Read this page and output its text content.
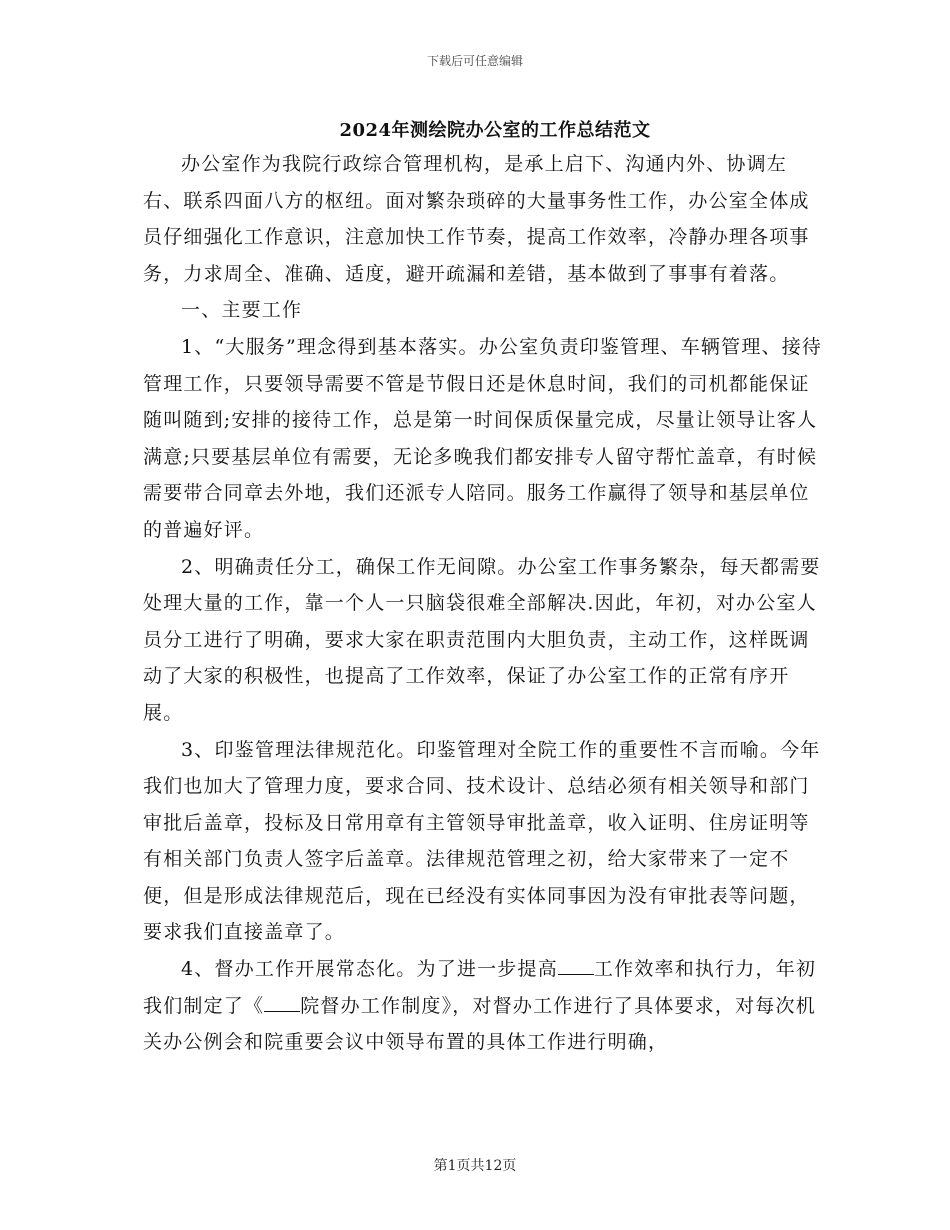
下载后可任意编辑
2024年测绘院办公室的工作总结范文

办公室作为我院行政综合管理机构，是承上启下、沟通内外、协调左右、联系四面八方的枢纽。面对繁杂琐碎的大量事务性工作，办公室全体成员仔细强化工作意识，注意加快工作节奏，提高工作效率，冷静办理各项事务，力求周全、准确、适度，避开疏漏和差错，基本做到了事事有着落。

一、主要工作

1、“大服务”理念得到基本落实。办公室负责印鉴管理、车辆管理、接待管理工作，只要领导需要不管是节假日还是休息时间，我们的司机都能保证随叫随到;安排的接待工作，总是第一时间保质保量完成，尽量让领导让客人满意;只要基层单位有需要，无论多晚我们都安排专人留守帮忙盖章，有时候需要带合同章去外地，我们还派专人陪同。服务工作赢得了领导和基层单位的普遍好评。

2、明确责任分工，确保工作无间隙。办公室工作事务繁杂，每天都需要处理大量的工作，靠一个人一只脑袋很难全部解决.因此，年初，对办公室人员分工进行了明确，要求大家在职责范围内大胆负责，主动工作，这样既调动了大家的积极性，也提高了工作效率，保证了办公室工作的正常有序开展。

3、印鉴管理法律规范化。印鉴管理对全院工作的重要性不言而喻。今年我们也加大了管理力度，要求合同、技术设计、总结必须有相关领导和部门审批后盖章，投标及日常用章有主管领导审批盖章，收入证明、住房证明等有相关部门负责人签字后盖章。法律规范管理之初，给大家带来了一定不便，但是形成法律规范后，现在已经没有实体同事因为没有审批表等问题，要求我们直接盖章了。

4、督办工作开展常态化。为了进一步提高 工作效率和执行力，年初我们制定了《 院督办工作制度》，对督办工作进行了具体要求，对每次机关办公例会和院重要会议中领导布置的具体工作进行明确，

第1页共12页
